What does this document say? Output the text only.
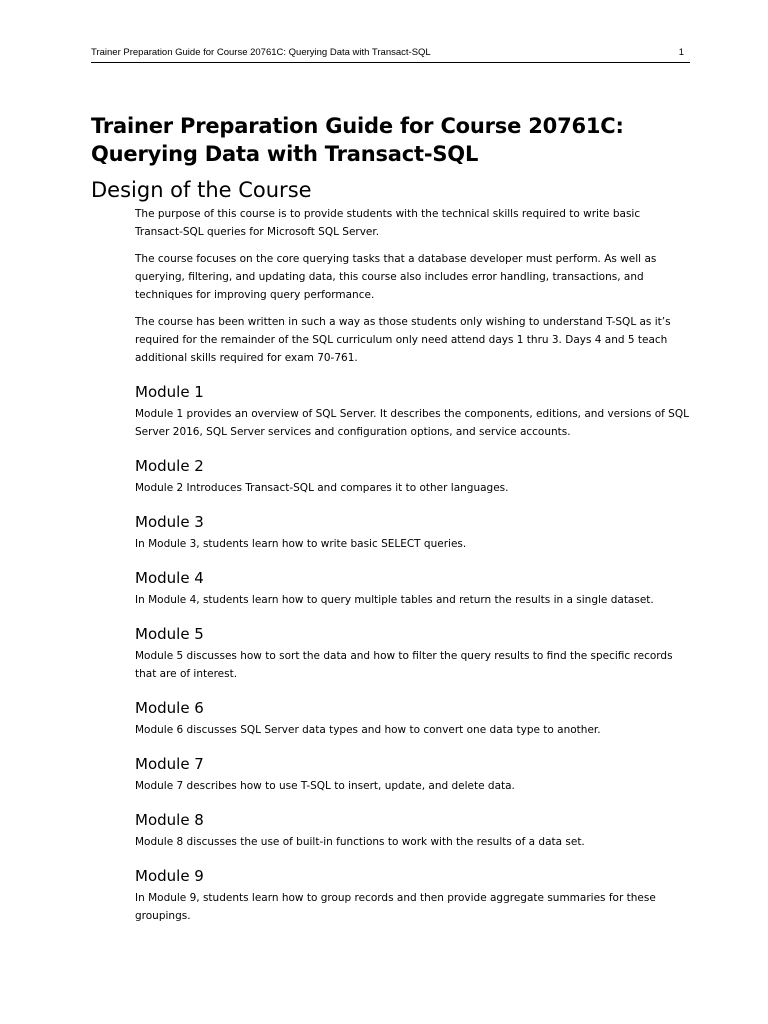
Trainer Preparation Guide for Course 20761C: Querying Data with Transact-SQL	1
Trainer Preparation Guide for Course 20761C: Querying Data with Transact-SQL
Design of the Course

The purpose of this course is to provide students with the technical skills required to write basic Transact-SQL queries for Microsoft SQL Server.

The course focuses on the core querying tasks that a database developer must perform. As well as querying, filtering, and updating data, this course also includes error handling, transactions, and techniques for improving query performance.

The course has been written in such a way as those students only wishing to understand T-SQL as it’s required for the remainder of the SQL curriculum only need attend days 1 thru 3. Days 4 and 5 teach additional skills required for exam 70-761.

Module 1

Module 1 provides an overview of SQL Server. It describes the components, editions, and versions of SQL Server 2016, SQL Server services and configuration options, and service accounts.

Module 2

Module 2 Introduces Transact-SQL and compares it to other languages.

Module 3

In Module 3, students learn how to write basic SELECT queries.

Module 4

In Module 4, students learn how to query multiple tables and return the results in a single dataset.

Module 5

Module 5 discusses how to sort the data and how to filter the query results to find the specific records that are of interest.

Module 6

Module 6 discusses SQL Server data types and how to convert one data type to another.

Module 7

Module 7 describes how to use T-SQL to insert, update, and delete data.

Module 8

Module 8 discusses the use of built-in functions to work with the results of a data set.

Module 9

In Module 9, students learn how to group records and then provide aggregate summaries for these groupings.
